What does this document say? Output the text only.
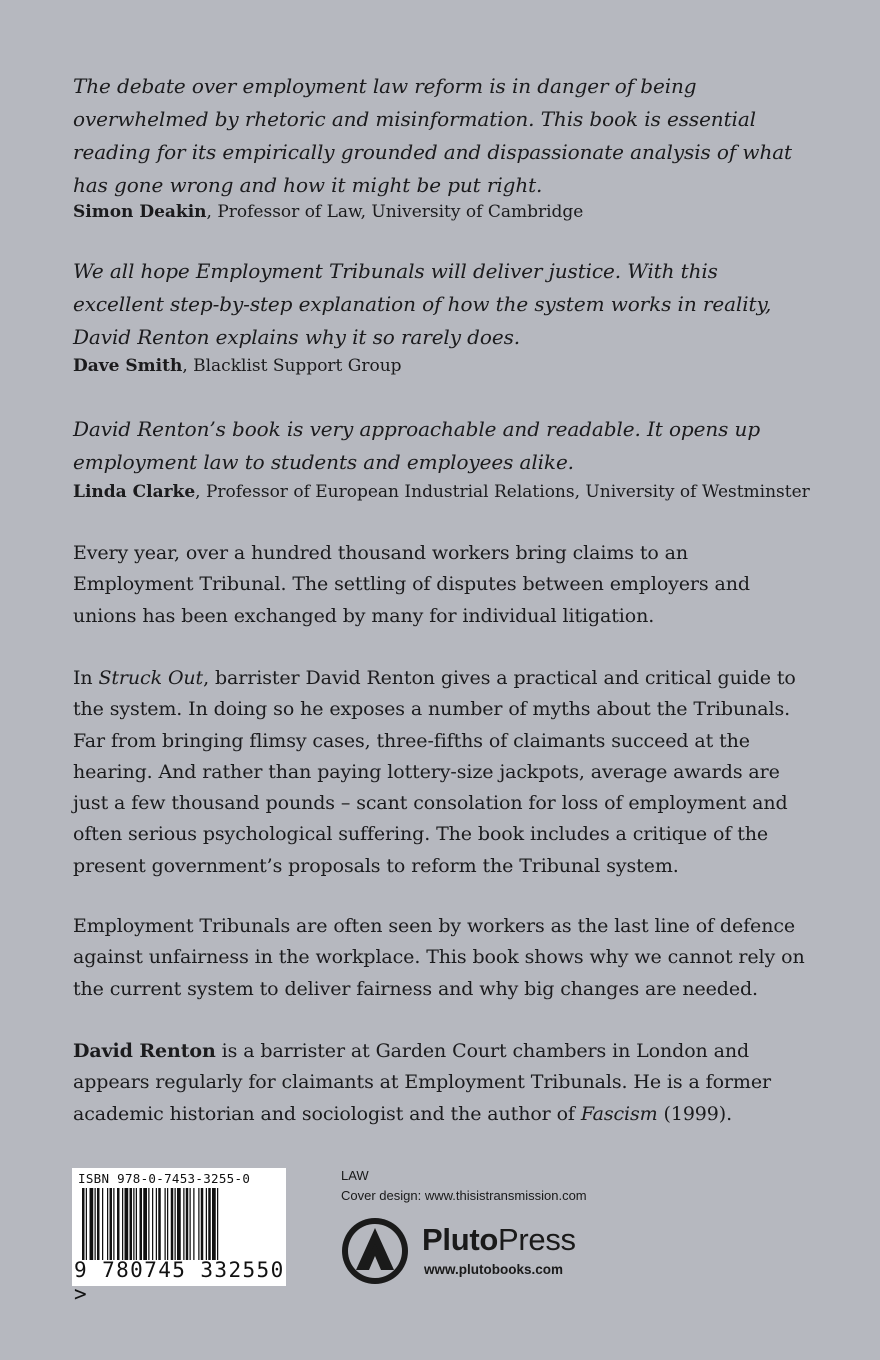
The debate over employment law reform is in danger of being overwhelmed by rhetoric and misinformation. This book is essential reading for its empirically grounded and dispassionate analysis of what has gone wrong and how it might be put right.

Simon Deakin, Professor of Law, University of Cambridge

We all hope Employment Tribunals will deliver justice. With this excellent step-by-step explanation of how the system works in reality, David Renton explains why it so rarely does.

Dave Smith, Blacklist Support Group

David Renton’s book is very approachable and readable. It opens up employment law to students and employees alike.

Linda Clarke, Professor of European Industrial Relations, University of Westminster

Every year, over a hundred thousand workers bring claims to an Employment Tribunal. The settling of disputes between employers and unions has been exchanged by many for individual litigation.

In Struck Out, barrister David Renton gives a practical and critical guide to the system. In doing so he exposes a number of myths about the Tribunals. Far from bringing flimsy cases, three-fifths of claimants succeed at the hearing. And rather than paying lottery-size jackpots, average awards are just a few thousand pounds – scant consolation for loss of employment and often serious psychological suffering. The book includes a critique of the present government’s proposals to reform the Tribunal system.

Employment Tribunals are often seen by workers as the last line of defence against unfairness in the workplace. This book shows why we cannot rely on the current system to deliver fairness and why big changes are needed.

David Renton is a barrister at Garden Court chambers in London and appears regularly for claimants at Employment Tribunals. He is a former academic historian and sociologist and the author of Fascism (1999).

ISBN 978-0-7453-3255-0
9 780745 332550 >
LAW
Cover design: www.thisistransmission.com
PlutoPress
www.plutobooks.com
